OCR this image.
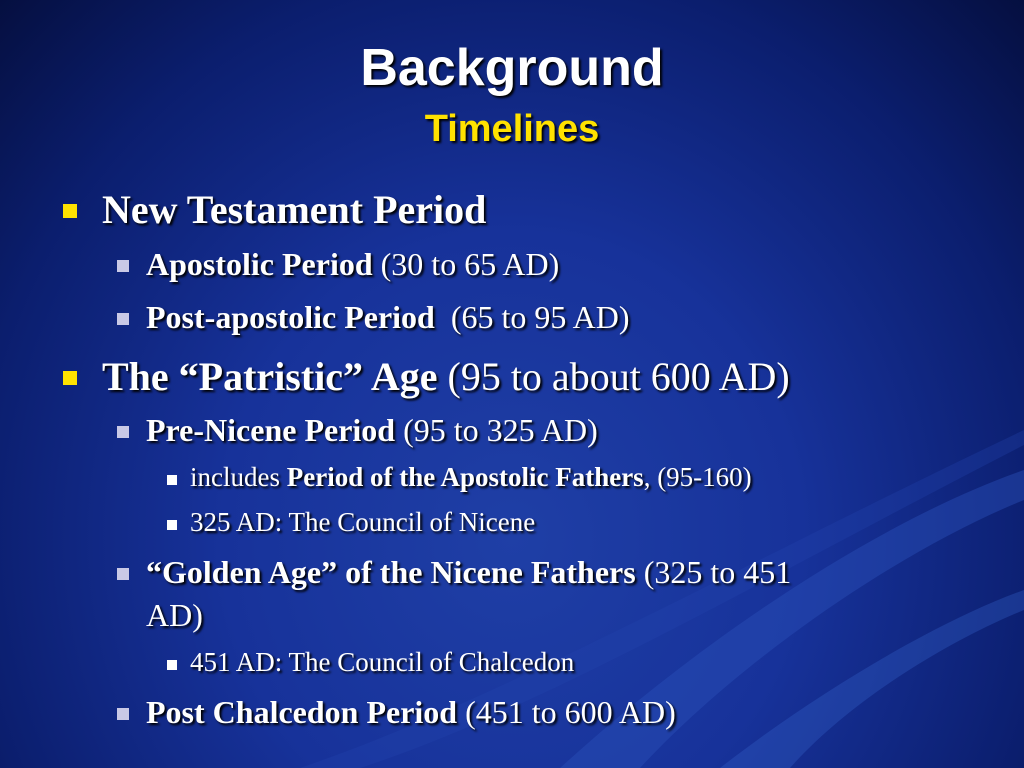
Background
Timelines
New Testament Period
Apostolic Period (30 to 65 AD)
Post-apostolic Period  (65 to 95 AD)
The “Patristic” Age (95 to about 600 AD)
Pre-Nicene Period (95 to 325 AD)
includes Period of the Apostolic Fathers, (95-160)
325 AD: The Council of Nicene
“Golden Age” of the Nicene Fathers (325 to 451
AD)
451 AD: The Council of Chalcedon
Post Chalcedon Period (451 to 600 AD)
